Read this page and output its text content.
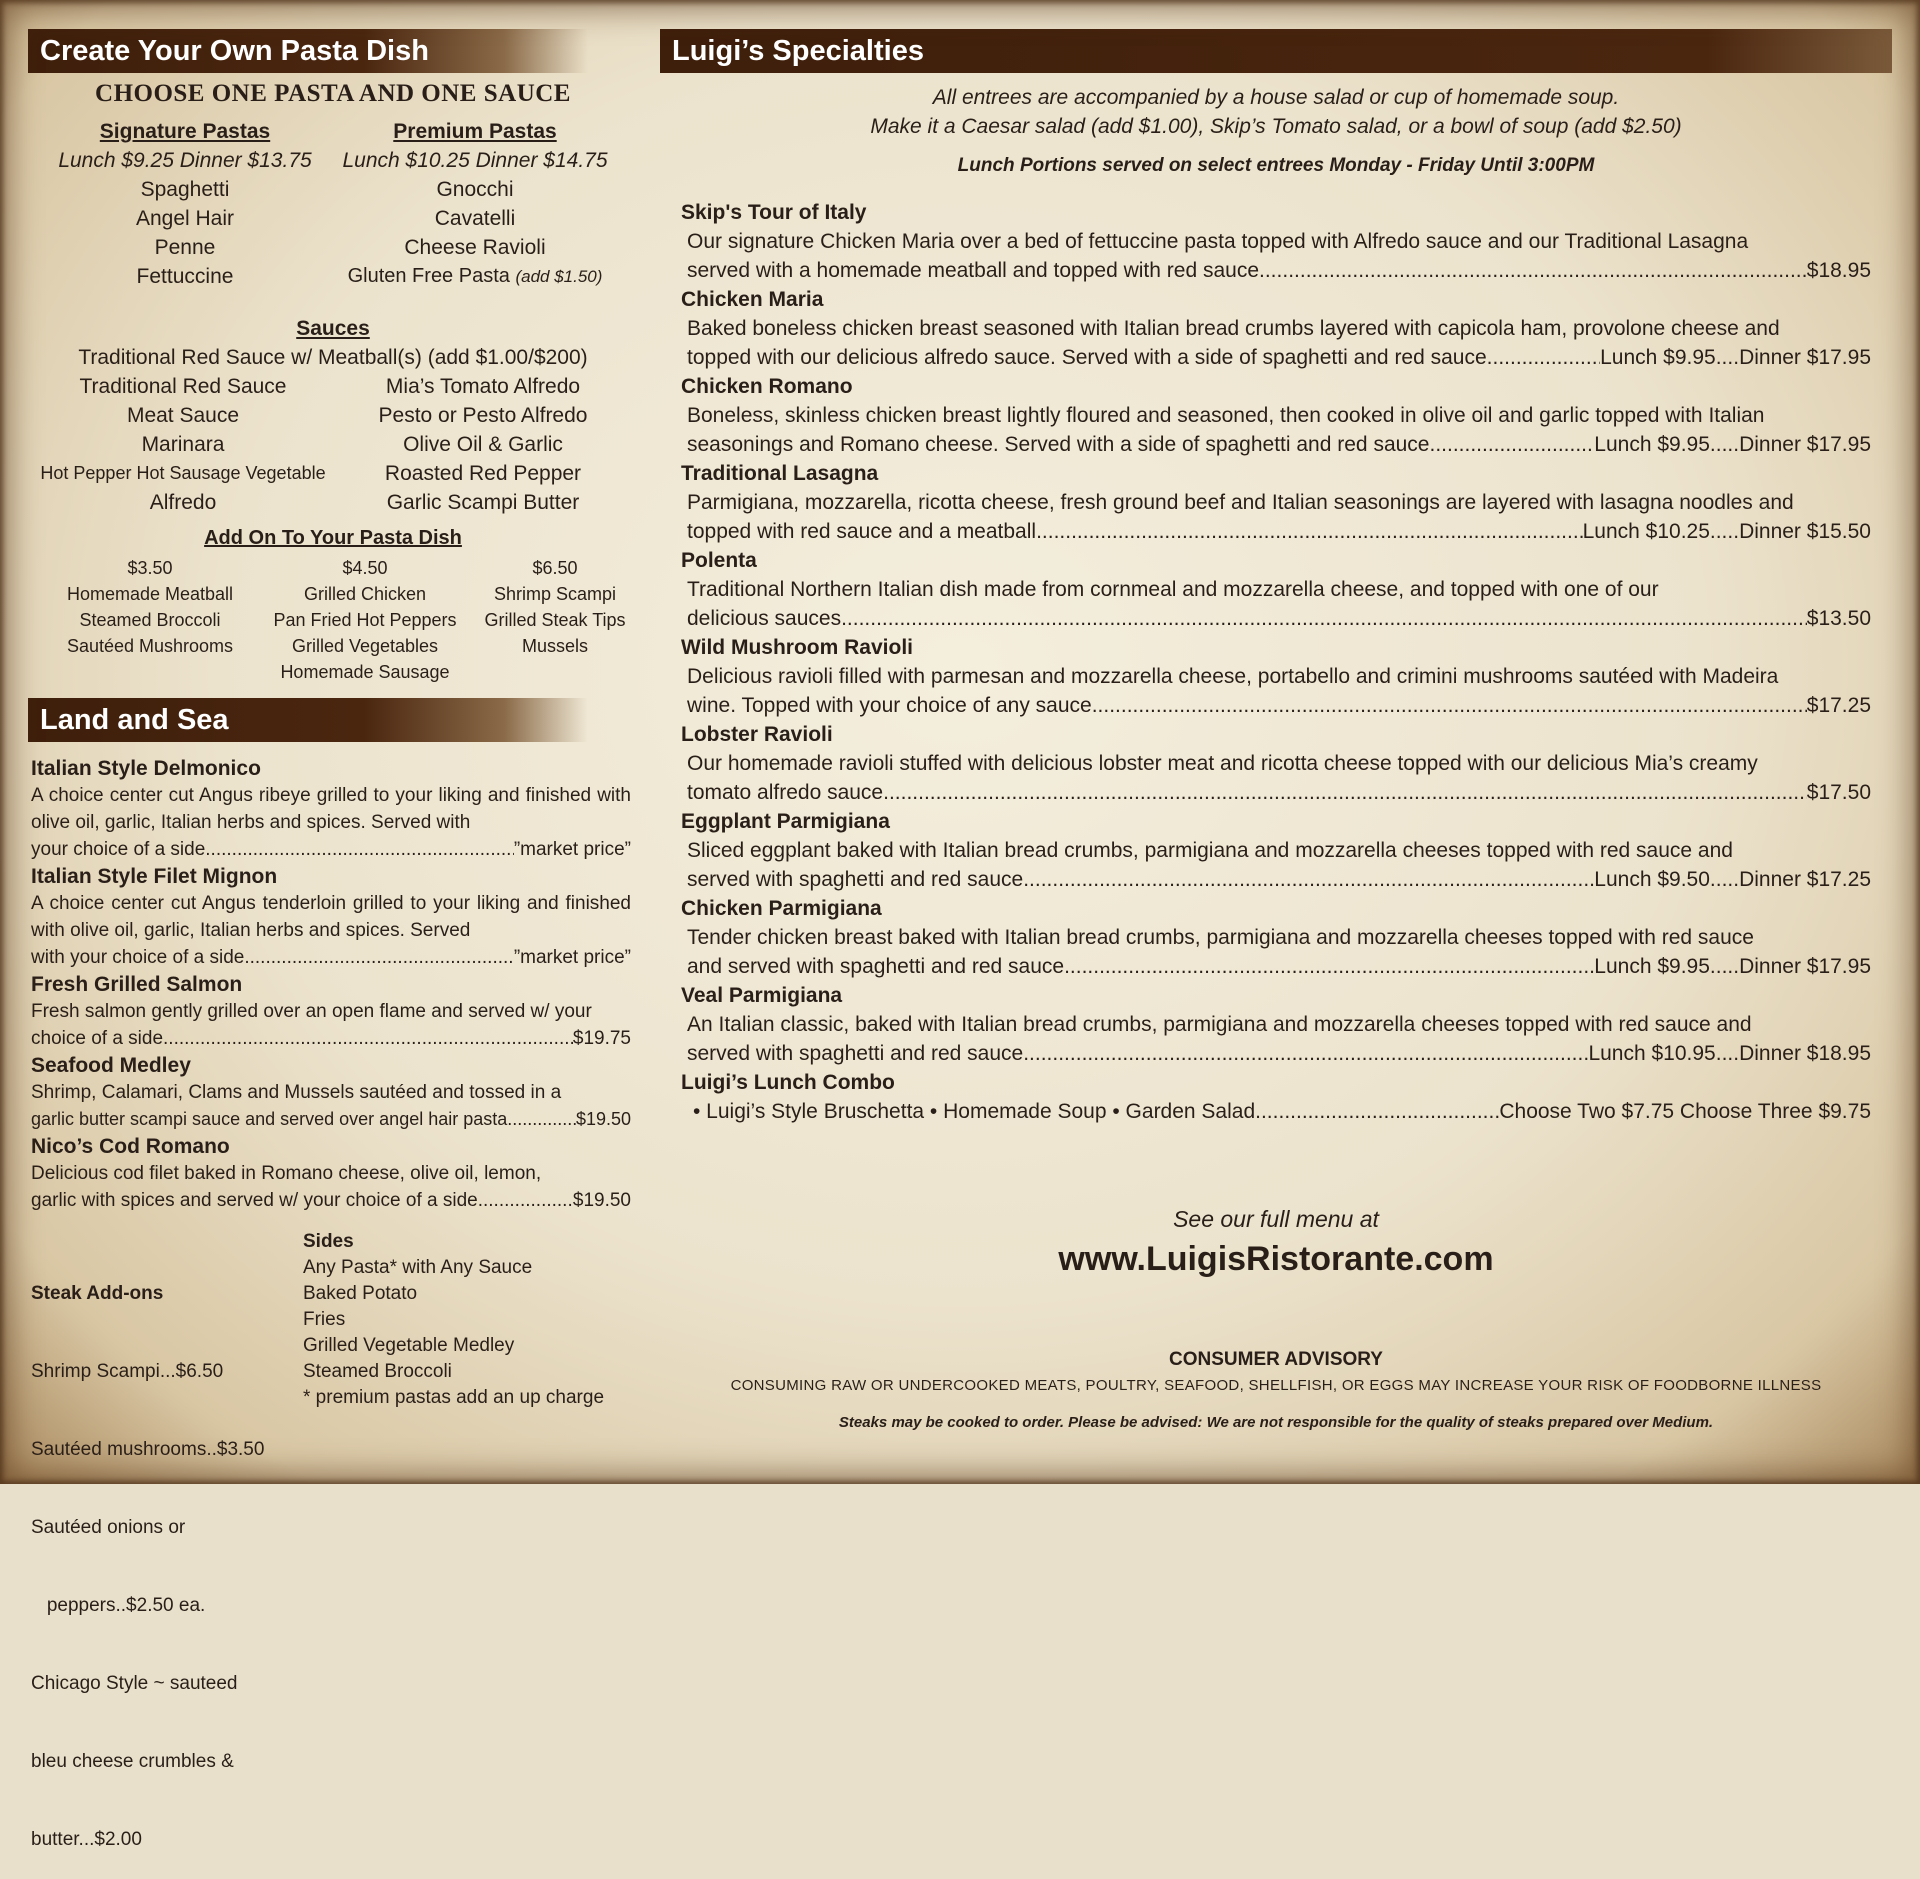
Create Your Own Pasta Dish
CHOOSE ONE PASTA AND ONE SAUCE
Signature Pastas
Lunch $9.25 Dinner $13.75
Spaghetti
Angel Hair
Penne
Fettuccine
Premium Pastas
Lunch $10.25 Dinner $14.75
Gnocchi
Cavatelli
Cheese Ravioli
Gluten Free Pasta (add $1.50)
Sauces
Traditional Red Sauce w/ Meatball(s) (add $1.00/$200)
Traditional Red Sauce
Meat Sauce
Marinara
Hot Pepper Hot Sausage Vegetable
Alfredo
Mia’s Tomato Alfredo
Pesto or Pesto Alfredo
Olive Oil & Garlic
Roasted Red Pepper
Garlic Scampi Butter
Add On To Your Pasta Dish
$3.50
Homemade Meatball
Steamed Broccoli
Sautéed Mushrooms
$4.50
Grilled Chicken
Pan Fried Hot Peppers
Grilled Vegetables
Homemade Sausage
$6.50
Shrimp Scampi
Grilled Steak Tips
Mussels
Land and Sea
Italian Style Delmonico
A choice center cut Angus ribeye grilled to your liking and finished with olive oil, garlic, Italian herbs and spices. Served with
your choice of a side .....	”market price”
Italian Style Filet Mignon
A choice center cut Angus tenderloin grilled to your liking and finished with olive oil, garlic, Italian herbs and spices. Served
with your choice of a side .....	”market price”
Fresh Grilled Salmon
Fresh salmon gently grilled over an open flame and served w/ your
choice of a side .....	$19.75
Seafood Medley
Shrimp, Calamari, Clams and Mussels sautéed and tossed in a
garlic butter scampi sauce and served over angel hair pasta .....	$19.50
Nico’s Cod Romano
Delicious cod filet baked in Romano cheese, olive oil, lemon,
garlic with spices and served w/ your choice of a side .....	$19.50

Steak Add-ons

Shrimp Scampi...$6.50

Sautéed mushrooms..$3.50

Sautéed onions or

peppers..$2.50 ea.

Chicago Style ~ sauteed

bleu cheese crumbles &

butter...$2.00

Sides
Any Pasta* with Any Sauce
Baked Potato
Fries
Grilled Vegetable Medley
Steamed Broccoli
* premium pastas add an up charge
Luigi’s Specialties
All entrees are accompanied by a house salad or cup of homemade soup.
Make it a Caesar salad (add $1.00), Skip’s Tomato salad, or a bowl of soup (add $2.50)
Lunch Portions served on select entrees Monday - Friday Until 3:00PM
Skip's Tour of Italy
Our signature Chicken Maria over a bed of fettuccine pasta topped with Alfredo sauce and our Traditional Lasagna
served with a homemade meatball and topped with red sauce .....	$18.95
Chicken Maria
Baked boneless chicken breast seasoned with Italian bread crumbs layered with capicola ham, provolone cheese and
topped with our delicious alfredo sauce. Served with a side of spaghetti and red sauce .....	Lunch $9.95....Dinner $17.95
Chicken Romano
Boneless, skinless chicken breast lightly floured and seasoned, then cooked in olive oil and garlic topped with Italian
seasonings and Romano cheese. Served with a side of spaghetti and red sauce .....	Lunch $9.95.....Dinner $17.95
Traditional Lasagna
Parmigiana, mozzarella, ricotta cheese, fresh ground beef and Italian seasonings are layered with lasagna noodles and
topped with red sauce and a meatball .....	Lunch $10.25.....Dinner $15.50
Polenta
Traditional Northern Italian dish made from cornmeal and mozzarella cheese, and topped with one of our
delicious sauces .....	$13.50
Wild Mushroom Ravioli
Delicious ravioli filled with parmesan and mozzarella cheese, portabello and crimini mushrooms sautéed with Madeira
wine. Topped with your choice of any sauce .....	$17.25
Lobster Ravioli
Our homemade ravioli stuffed with delicious lobster meat and ricotta cheese topped with our delicious Mia’s creamy
tomato alfredo sauce .....	$17.50
Eggplant Parmigiana
Sliced eggplant baked with Italian bread crumbs, parmigiana and mozzarella cheeses topped with red sauce and
served with spaghetti and red sauce .....	Lunch $9.50.....Dinner $17.25
Chicken Parmigiana
Tender chicken breast baked with Italian bread crumbs, parmigiana and mozzarella cheeses topped with red sauce
and served with spaghetti and red sauce .....	Lunch $9.95.....Dinner $17.95
Veal Parmigiana
An Italian classic, baked with Italian bread crumbs, parmigiana and mozzarella cheeses topped with red sauce and
served with spaghetti and red sauce .....	Lunch $10.95....Dinner $18.95
Luigi’s Lunch Combo
• Luigi’s Style Bruschetta • Homemade Soup • Garden Salad .....	Choose Two $7.75 Choose Three $9.75
See our full menu at
www.LuigisRistorante.com
CONSUMER ADVISORY
CONSUMING RAW OR UNDERCOOKED MEATS, POULTRY, SEAFOOD, SHELLFISH, OR EGGS MAY INCREASE YOUR RISK OF FOODBORNE ILLNESS
Steaks may be cooked to order. Please be advised: We are not responsible for the quality of steaks prepared over Medium.
